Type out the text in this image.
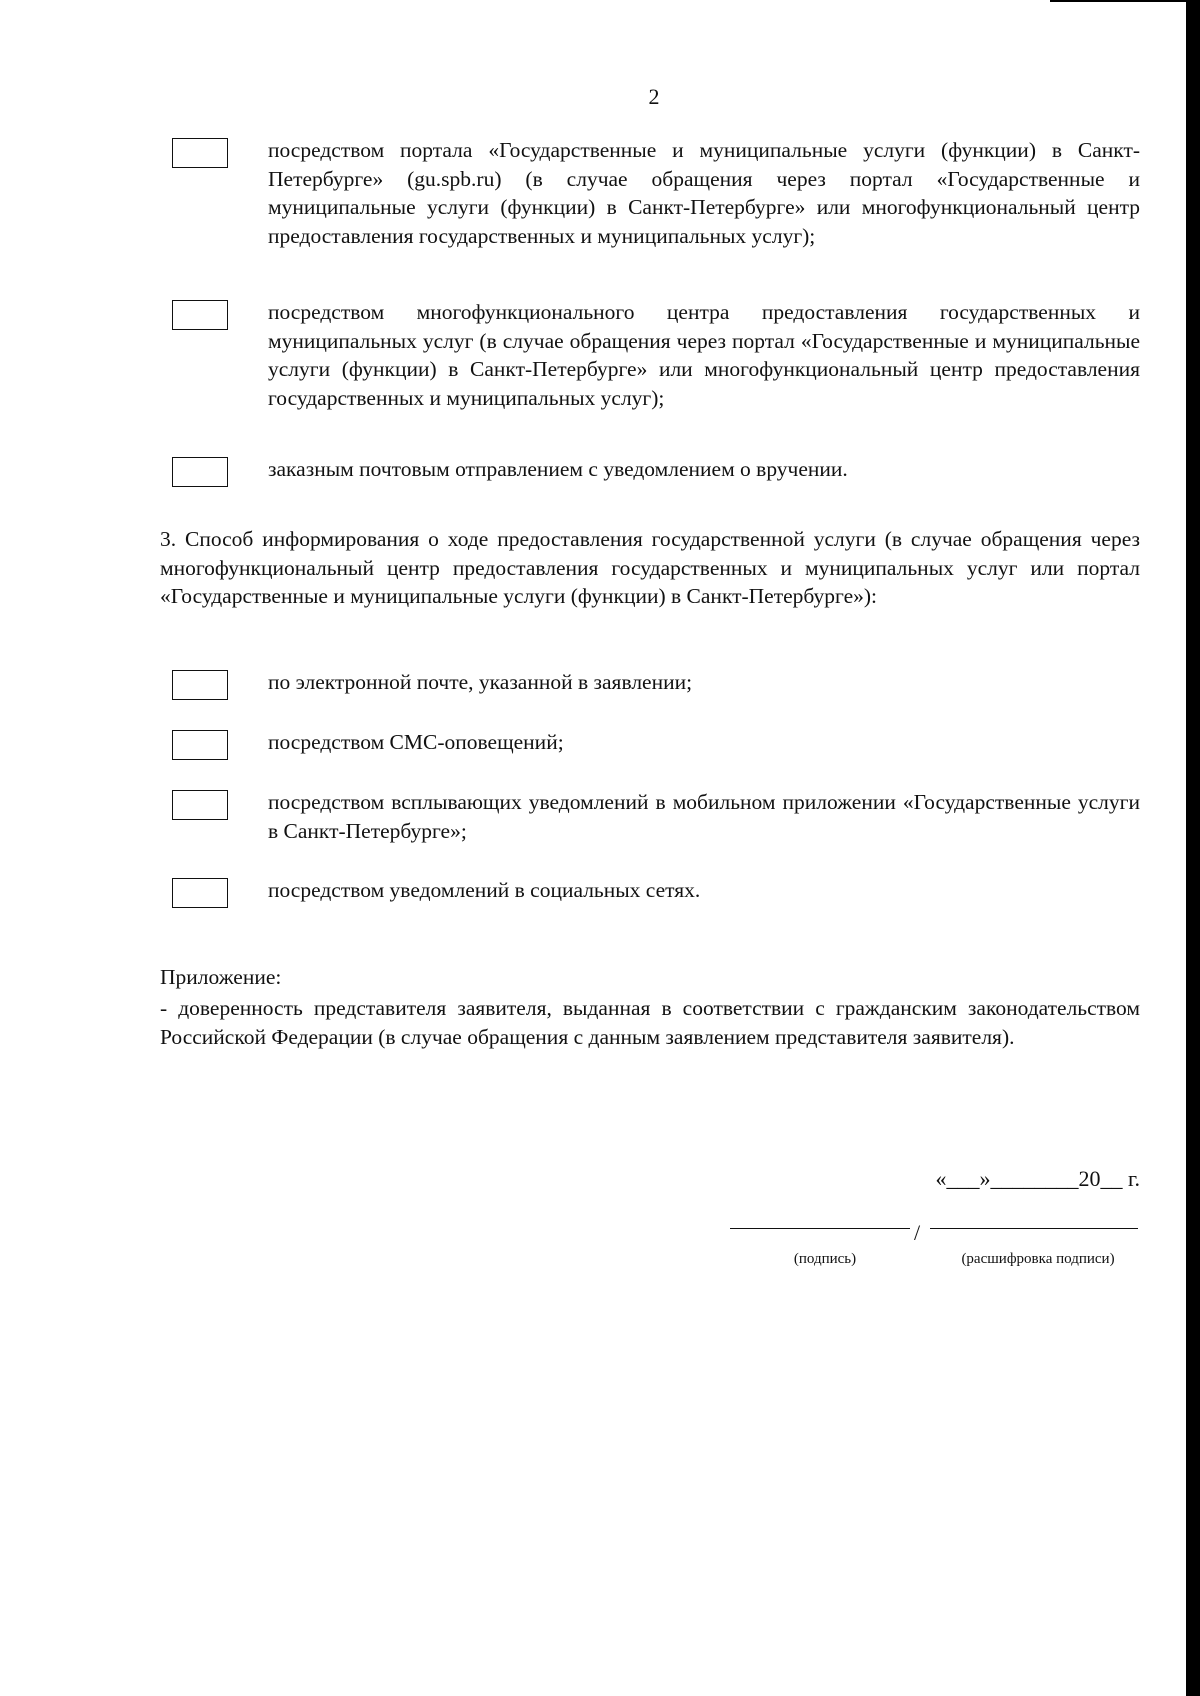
2
посредством портала «Государственные и муниципальные услуги (функции) в Санкт-Петербурге» (gu.spb.ru) (в случае обращения через портал «Государственные и муниципальные услуги (функции) в Санкт-Петербурге» или многофункциональный центр предоставления государственных и муниципальных услуг);
посредством многофункционального центра предоставления государственных и муниципальных услуг (в случае обращения через портал «Государственные и муниципальные услуги (функции) в Санкт-Петербурге» или многофункциональный центр предоставления государственных и муниципальных услуг);
заказным почтовым отправлением с уведомлением о вручении.
3. Способ информирования о ходе предоставления государственной услуги (в случае обращения через многофункциональный центр предоставления государственных и муниципальных услуг или портал «Государственные и муниципальные услуги (функции) в Санкт-Петербурге»):
по электронной почте, указанной в заявлении;
посредством СМС-оповещений;
посредством всплывающих уведомлений в мобильном приложении «Государственные услуги в Санкт-Петербурге»;
посредством уведомлений в социальных сетях.
Приложение:
- доверенность представителя заявителя, выданная в соответствии с гражданским законодательством Российской Федерации (в случае обращения с данным заявлением представителя заявителя).
«___»________20__ г.
/
(подпись)	(расшифровка подписи)
